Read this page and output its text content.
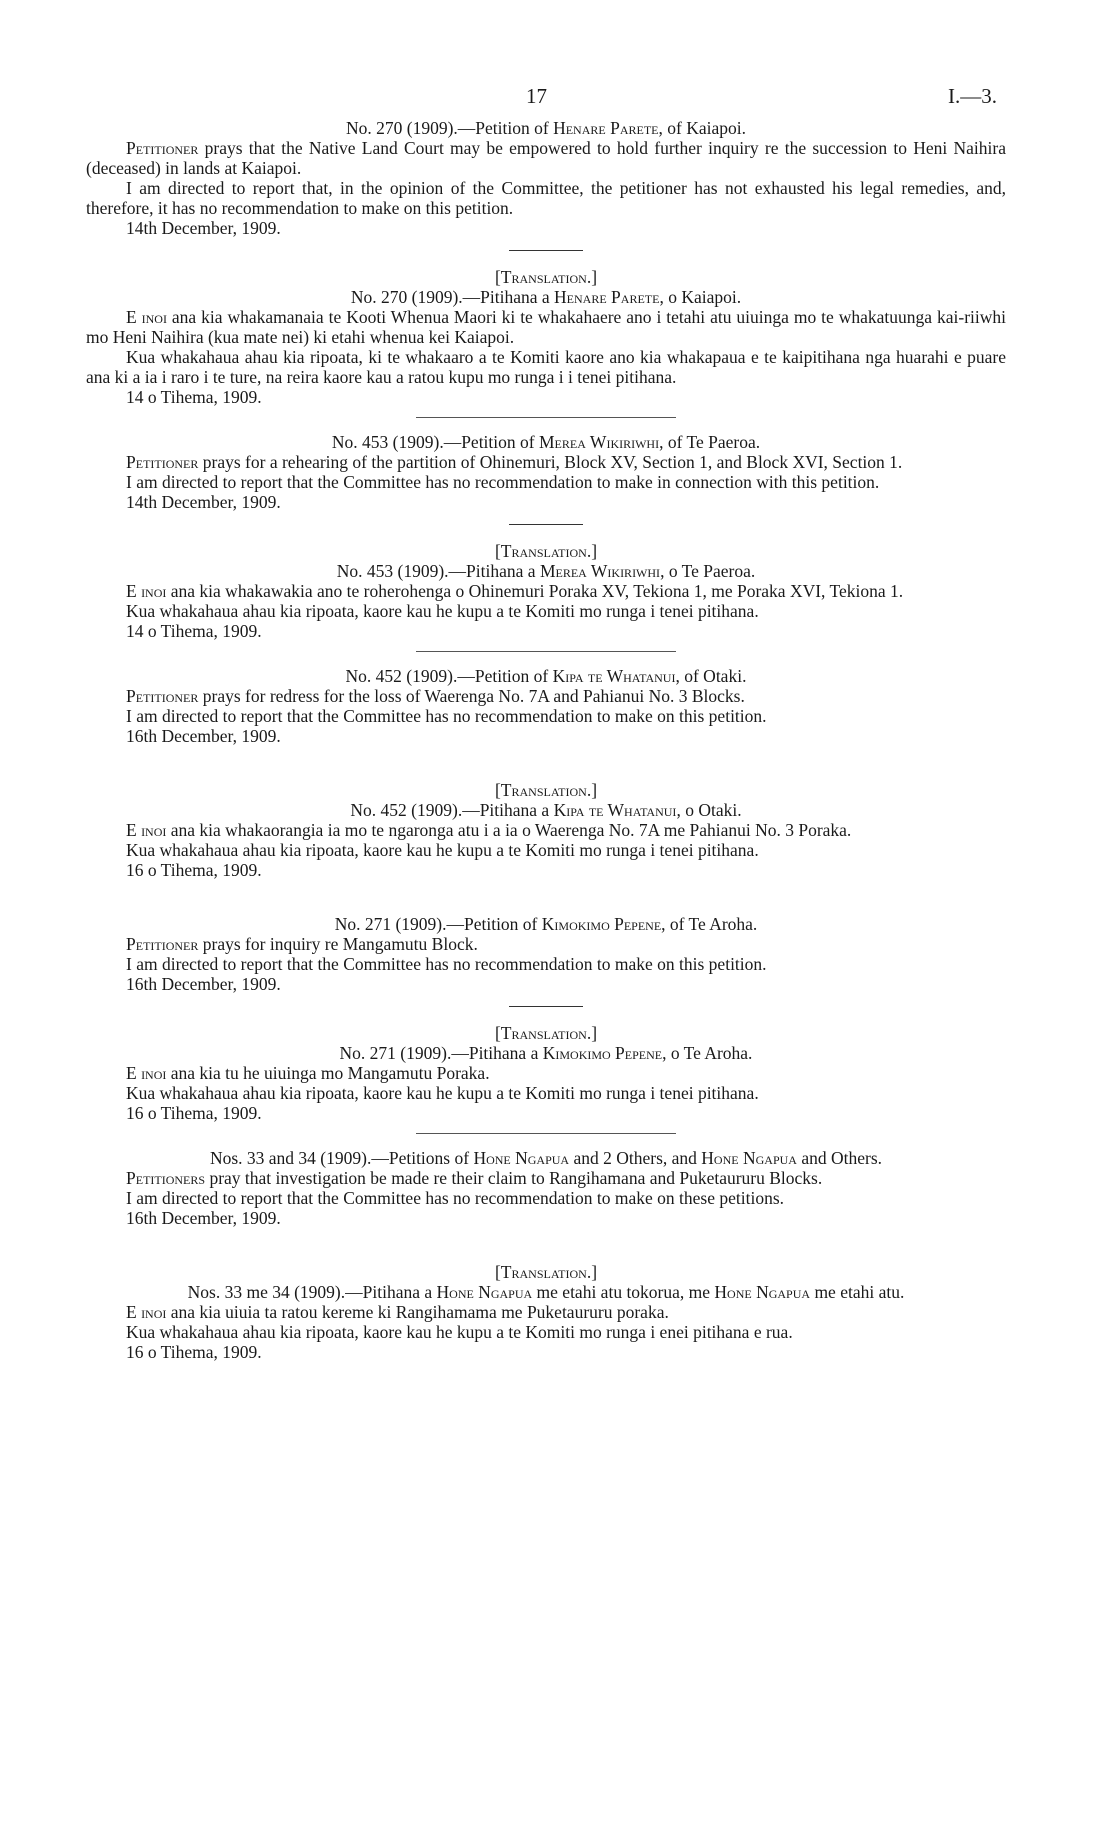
17	I.—3.

No. 270 (1909).—Petition of Henare Parete, of Kaiapoi.

Petitioner prays that the Native Land Court may be empowered to hold further inquiry re the succession to Heni Naihira (deceased) in lands at Kaiapoi.

I am directed to report that, in the opinion of the Committee, the petitioner has not exhausted his legal remedies, and, therefore, it has no recommendation to make on this petition.

14th December, 1909.

[Translation.]

No. 270 (1909).—Pitihana a Henare Parete, o Kaiapoi.

E inoi ana kia whakamanaia te Kooti Whenua Maori ki te whakahaere ano i tetahi atu uiuinga mo te whakatuunga kai-riiwhi mo Heni Naihira (kua mate nei) ki etahi whenua kei Kaiapoi.

Kua whakahaua ahau kia ripoata, ki te whakaaro a te Komiti kaore ano kia whakapaua e te kaipitihana nga huarahi e puare ana ki a ia i raro i te ture, na reira kaore kau a ratou kupu mo runga i i tenei pitihana.

14 o Tihema, 1909.

No. 453 (1909).—Petition of Merea Wikiriwhi, of Te Paeroa.

Petitioner prays for a rehearing of the partition of Ohinemuri, Block XV, Section 1, and Block XVI, Section 1.

I am directed to report that the Committee has no recommendation to make in connection with this petition.

14th December, 1909.

[Translation.]

No. 453 (1909).—Pitihana a Merea Wikiriwhi, o Te Paeroa.

E inoi ana kia whakawakia ano te roherohenga o Ohinemuri Poraka XV, Tekiona 1, me Poraka XVI, Tekiona 1.

Kua whakahaua ahau kia ripoata, kaore kau he kupu a te Komiti mo runga i tenei pitihana.

14 o Tihema, 1909.

No. 452 (1909).—Petition of Kipa te Whatanui, of Otaki.

Petitioner prays for redress for the loss of Waerenga No. 7A and Pahianui No. 3 Blocks.

I am directed to report that the Committee has no recommendation to make on this petition.

16th December, 1909.

[Translation.]

No. 452 (1909).—Pitihana a Kipa te Whatanui, o Otaki.

E inoi ana kia whakaorangia ia mo te ngaronga atu i a ia o Waerenga No. 7A me Pahianui No. 3 Poraka.

Kua whakahaua ahau kia ripoata, kaore kau he kupu a te Komiti mo runga i tenei pitihana.

16 o Tihema, 1909.

No. 271 (1909).—Petition of Kimokimo Pepene, of Te Aroha.

Petitioner prays for inquiry re Mangamutu Block.

I am directed to report that the Committee has no recommendation to make on this petition.

16th December, 1909.

[Translation.]

No. 271 (1909).—Pitihana a Kimokimo Pepene, o Te Aroha.

E inoi ana kia tu he uiuinga mo Mangamutu Poraka.

Kua whakahaua ahau kia ripoata, kaore kau he kupu a te Komiti mo runga i tenei pitihana.

16 o Tihema, 1909.

Nos. 33 and 34 (1909).—Petitions of Hone Ngapua and 2 Others, and Hone Ngapua and Others.

Petitioners pray that investigation be made re their claim to Rangihamana and Puketaururu Blocks.

I am directed to report that the Committee has no recommendation to make on these petitions.

16th December, 1909.

[Translation.]

Nos. 33 me 34 (1909).—Pitihana a Hone Ngapua me etahi atu tokorua, me Hone Ngapua me etahi atu.

E inoi ana kia uiuia ta ratou kereme ki Rangihamama me Puketaururu poraka.

Kua whakahaua ahau kia ripoata, kaore kau he kupu a te Komiti mo runga i enei pitihana e rua.

16 o Tihema, 1909.
